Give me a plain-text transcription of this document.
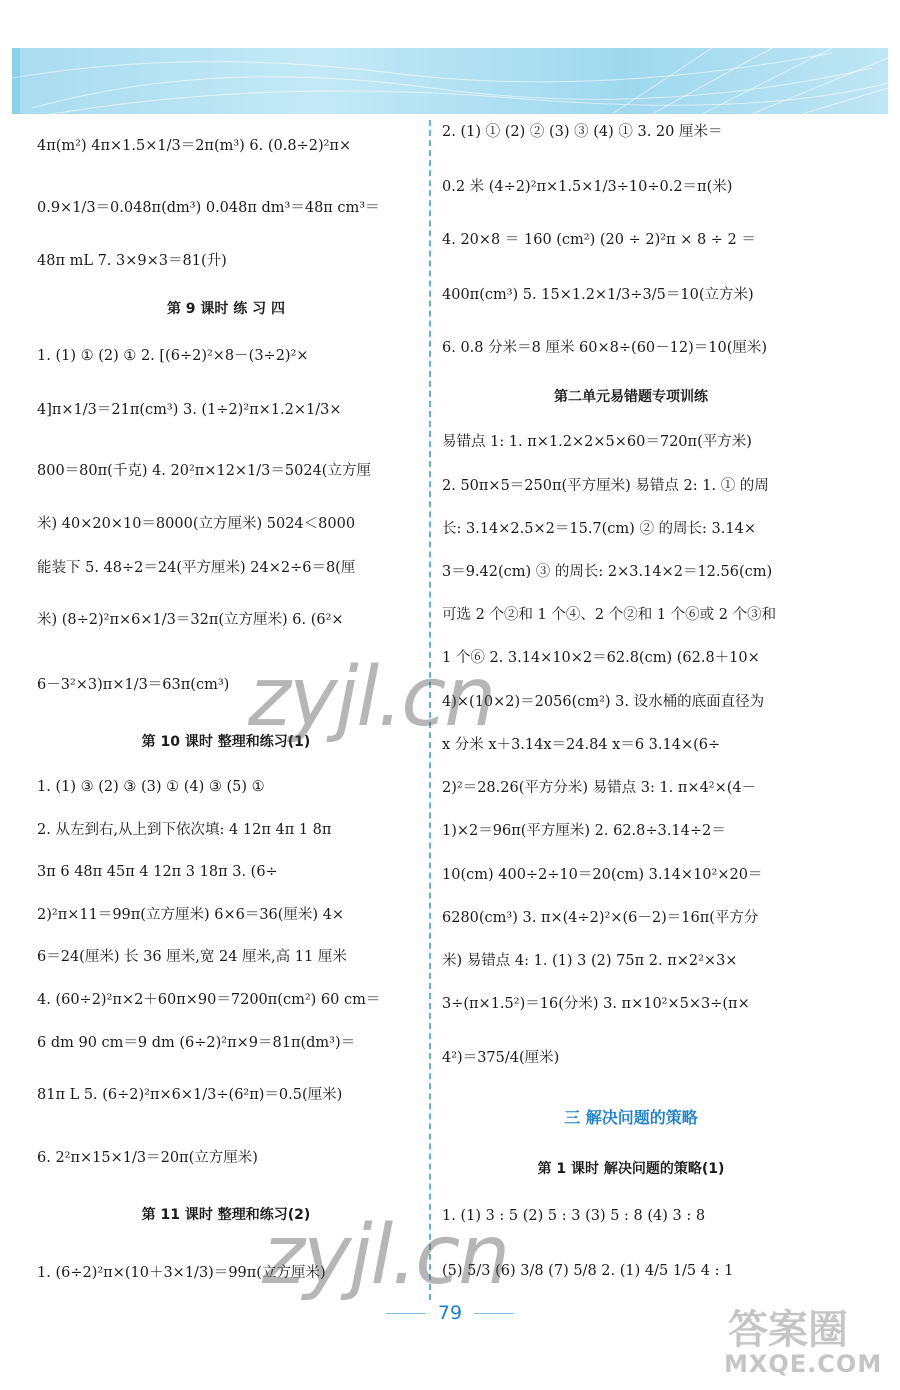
4π(m²) 4π×1.5×1/3＝2π(m³) 6. (0.8÷2)²π×
0.9×1/3＝0.048π(dm³) 0.048π dm³＝48π cm³＝
48π mL 7. 3×9×3＝81(升)
第 9 课时 练 习 四
1. (1) ① (2) ① 2. [(6÷2)²×8－(3÷2)²×
4]π×1/3＝21π(cm³) 3. (1÷2)²π×1.2×1/3×
800＝80π(千克) 4. 20²π×12×1/3＝5024(立方厘
米) 40×20×10＝8000(立方厘米) 5024＜8000
能装下 5. 48÷2＝24(平方厘米) 24×2÷6＝8(厘
米) (8÷2)²π×6×1/3＝32π(立方厘米) 6. (6²×
6－3²×3)π×1/3＝63π(cm³)
第 10 课时 整理和练习(1)
1. (1) ③ (2) ③ (3) ① (4) ③ (5) ①
2. 从左到右,从上到下依次填: 4 12π 4π 1 8π
3π 6 48π 45π 4 12π 3 18π 3. (6÷
2)²π×11＝99π(立方厘米) 6×6＝36(厘米) 4×
6＝24(厘米) 长 36 厘米,宽 24 厘米,高 11 厘米
4. (60÷2)²π×2＋60π×90＝7200π(cm²) 60 cm＝
6 dm 90 cm＝9 dm (6÷2)²π×9＝81π(dm³)＝
81π L 5. (6÷2)²π×6×1/3÷(6²π)＝0.5(厘米)
6. 2²π×15×1/3＝20π(立方厘米)
第 11 课时 整理和练习(2)
1. (6÷2)²π×(10＋3×1/3)＝99π(立方厘米)
2. (1) ① (2) ② (3) ③ (4) ① 3. 20 厘米＝
0.2 米 (4÷2)²π×1.5×1/3÷10÷0.2＝π(米)
4. 20×8 ＝ 160 (cm²) (20 ÷ 2)²π × 8 ÷ 2 ＝
400π(cm³) 5. 15×1.2×1/3÷3/5＝10(立方米)
6. 0.8 分米＝8 厘米 60×8÷(60－12)＝10(厘米)
第二单元易错题专项训练
易错点 1: 1. π×1.2×2×5×60＝720π(平方米)
2. 50π×5＝250π(平方厘米) 易错点 2: 1. ① 的周
长: 3.14×2.5×2＝15.7(cm) ② 的周长: 3.14×
3＝9.42(cm) ③ 的周长: 2×3.14×2＝12.56(cm)
可选 2 个②和 1 个④、2 个②和 1 个⑥或 2 个③和
1 个⑥ 2. 3.14×10×2＝62.8(cm) (62.8＋10×
4)×(10×2)＝2056(cm²) 3. 设水桶的底面直径为
x 分米 x＋3.14x＝24.84 x＝6 3.14×(6÷
2)²＝28.26(平方分米) 易错点 3: 1. π×4²×(4－
1)×2＝96π(平方厘米) 2. 62.8÷3.14÷2＝
10(cm) 400÷2÷10＝20(cm) 3.14×10²×20＝
6280(cm³) 3. π×(4÷2)²×(6－2)＝16π(平方分
米) 易错点 4: 1. (1) 3 (2) 75π 2. π×2²×3×
3÷(π×1.5²)＝16(分米) 3. π×10²×5×3÷(π×
4²)＝375/4(厘米)
三 解决问题的策略
第 1 课时 解决问题的策略(1)
1. (1) 3 : 5 (2) 5 : 3 (3) 5 : 8 (4) 3 : 8
(5) 5/3 (6) 3/8 (7) 5/8 2. (1) 4/5 1/5 4 : 1
79
zyjl.cn
zyjl.cn
答案圈
MXQE.COM
